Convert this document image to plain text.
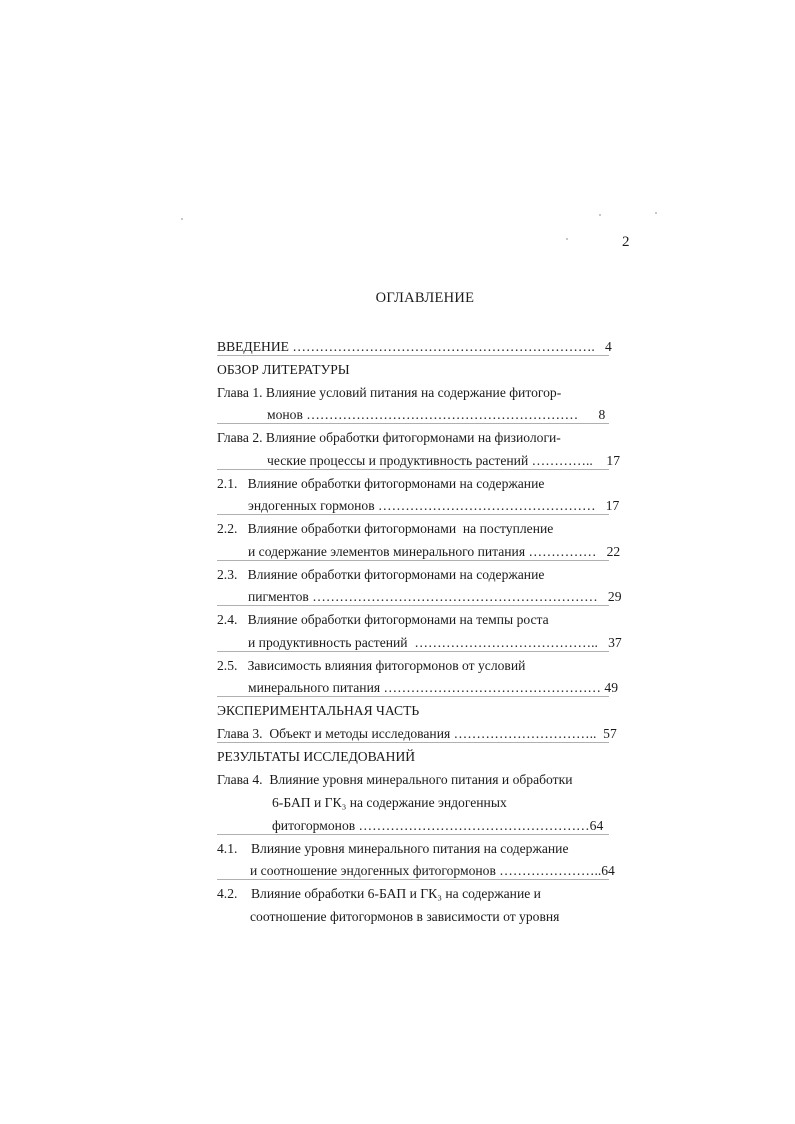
2
ОГЛАВЛЕНИЕ
ВВЕДЕНИЕ ………………………………………………………….   4
ОБЗОР ЛИТЕРАТУРЫ
Глава 1. Влияние условий питания на содержание фитогор-
монов ……………………………………………………      8
Глава 2. Влияние обработки фитогормонами на физиологи-
ческие процессы и продуктивность растений …………..    17
2.1.   Влияние обработки фитогормонами на содержание
эндогенных гормонов …………………………………………   17
2.2.   Влияние обработки фитогормонами  на поступление
и содержание элементов минерального питания ……………   22
2.3.   Влияние обработки фитогормонами на содержание
пигментов ………………………………………………………   29
2.4.   Влияние обработки фитогормонами на темпы роста
и продуктивность растений  …………………………………..   37
2.5.   Зависимость влияния фитогормонов от условий
минерального питания ………………………………………… 49
ЭКСПЕРИМЕНТАЛЬНАЯ ЧАСТЬ
Глава 3.  Объект и методы исследования …………………………..  57
РЕЗУЛЬТАТЫ ИССЛЕДОВАНИЙ
Глава 4.  Влияние уровня минерального питания и обработки
6-БАП и ГК₃ на содержание эндогенных
фитогормонов ……………………………………………64
4.1.    Влияние уровня минерального питания на содержание
и соотношение эндогенных фитогормонов …………………..64
4.2.    Влияние обработки 6-БАП и ГК₃ на содержание и
соотношение фитогормонов в зависимости от уровня
